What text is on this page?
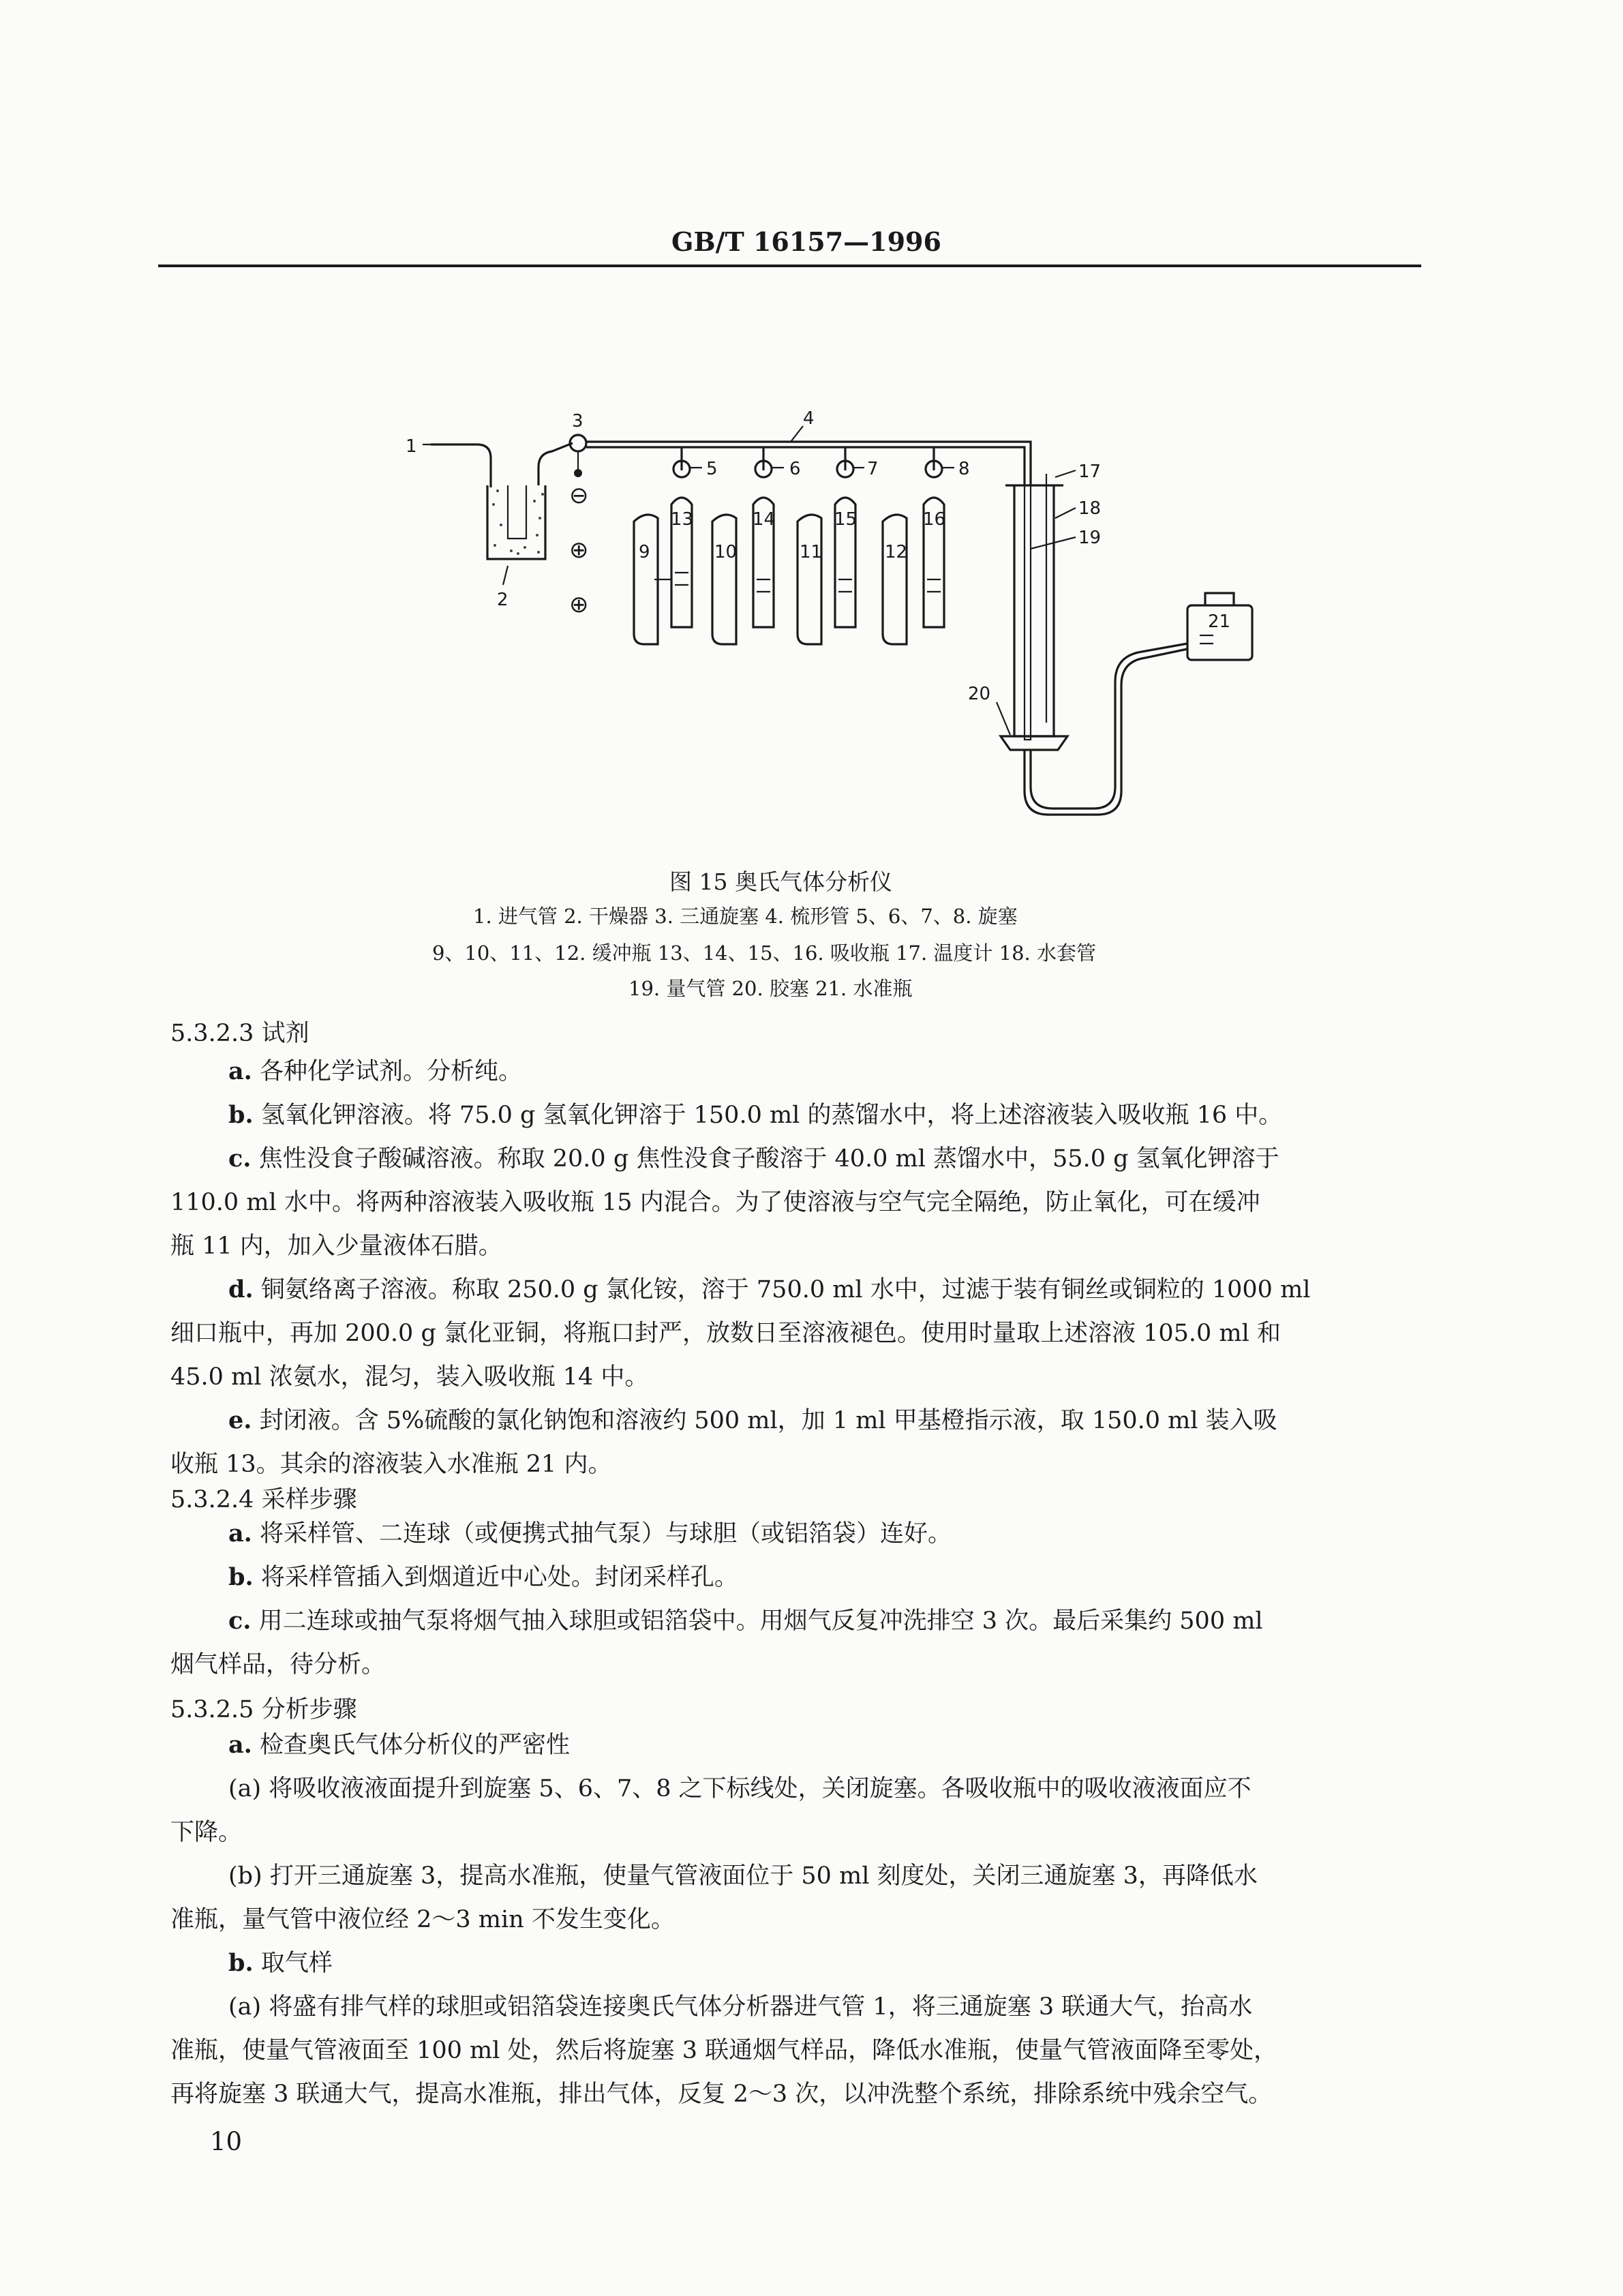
⊖
⊕
⊕
1
2
3	4
5	6	7	8
9	10	11	12
13	14	15	16
17
18
19
20
21
GB/T 16157—1996
图 15 奥氏气体分析仪
1. 进气管 2. 干燥器 3. 三通旋塞 4. 梳形管 5、6、7、8. 旋塞
9、10、11、12. 缓冲瓶 13、14、15、16. 吸收瓶 17. 温度计 18. 水套管
19. 量气管 20. 胶塞 21. 水准瓶
5.3.2.3 试剂
a. 各种化学试剂。分析纯。
b. 氢氧化钾溶液。将 75.0 g 氢氧化钾溶于 150.0 ml 的蒸馏水中，将上述溶液装入吸收瓶 16 中。
c. 焦性没食子酸碱溶液。称取 20.0 g 焦性没食子酸溶于 40.0 ml 蒸馏水中，55.0 g 氢氧化钾溶于
110.0 ml 水中。将两种溶液装入吸收瓶 15 内混合。为了使溶液与空气完全隔绝，防止氧化，可在缓冲
瓶 11 内，加入少量液体石腊。
d. 铜氨络离子溶液。称取 250.0 g 氯化铵，溶于 750.0 ml 水中，过滤于装有铜丝或铜粒的 1000 ml
细口瓶中，再加 200.0 g 氯化亚铜，将瓶口封严，放数日至溶液褪色。使用时量取上述溶液 105.0 ml 和
45.0 ml 浓氨水，混匀，装入吸收瓶 14 中。
e. 封闭液。含 5%硫酸的氯化钠饱和溶液约 500 ml，加 1 ml 甲基橙指示液，取 150.0 ml 装入吸
收瓶 13。其余的溶液装入水准瓶 21 内。
5.3.2.4 采样步骤
a. 将采样管、二连球（或便携式抽气泵）与球胆（或铝箔袋）连好。
b. 将采样管插入到烟道近中心处。封闭采样孔。
c. 用二连球或抽气泵将烟气抽入球胆或铝箔袋中。用烟气反复冲洗排空 3 次。最后采集约 500 ml
烟气样品，待分析。
5.3.2.5 分析步骤
a. 检查奥氏气体分析仪的严密性
(a) 将吸收液液面提升到旋塞 5、6、7、8 之下标线处，关闭旋塞。各吸收瓶中的吸收液液面应不
下降。
(b) 打开三通旋塞 3，提高水准瓶，使量气管液面位于 50 ml 刻度处，关闭三通旋塞 3，再降低水
准瓶，量气管中液位经 2～3 min 不发生变化。
b. 取气样
(a) 将盛有排气样的球胆或铝箔袋连接奥氏气体分析器进气管 1，将三通旋塞 3 联通大气，抬高水
准瓶，使量气管液面至 100 ml 处，然后将旋塞 3 联通烟气样品，降低水准瓶，使量气管液面降至零处，
再将旋塞 3 联通大气，提高水准瓶，排出气体，反复 2～3 次，以冲洗整个系统，排除系统中残余空气。
10
